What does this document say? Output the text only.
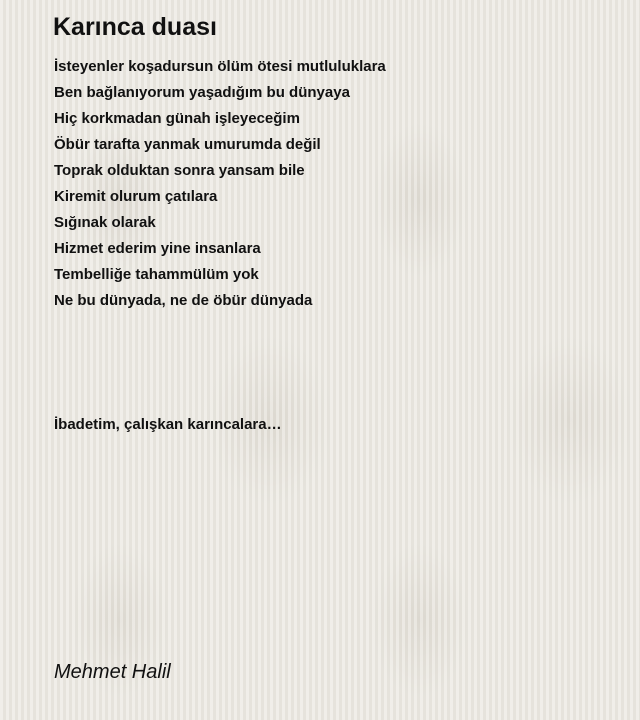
Karınca duası
İsteyenler koşadursun ölüm ötesi mutluluklara
Ben bağlanıyorum yaşadığım bu dünyaya
Hiç korkmadan günah işleyeceğim
Öbür tarafta yanmak umurumda değil
Toprak olduktan sonra yansam bile
Kiremit olurum çatılara
Sığınak olarak
Hizmet ederim yine insanlara
Tembelliğe tahammülüm yok
Ne bu dünyada, ne de öbür dünyada
İbadetim, çalışkan karıncalara…
Mehmet Halil
